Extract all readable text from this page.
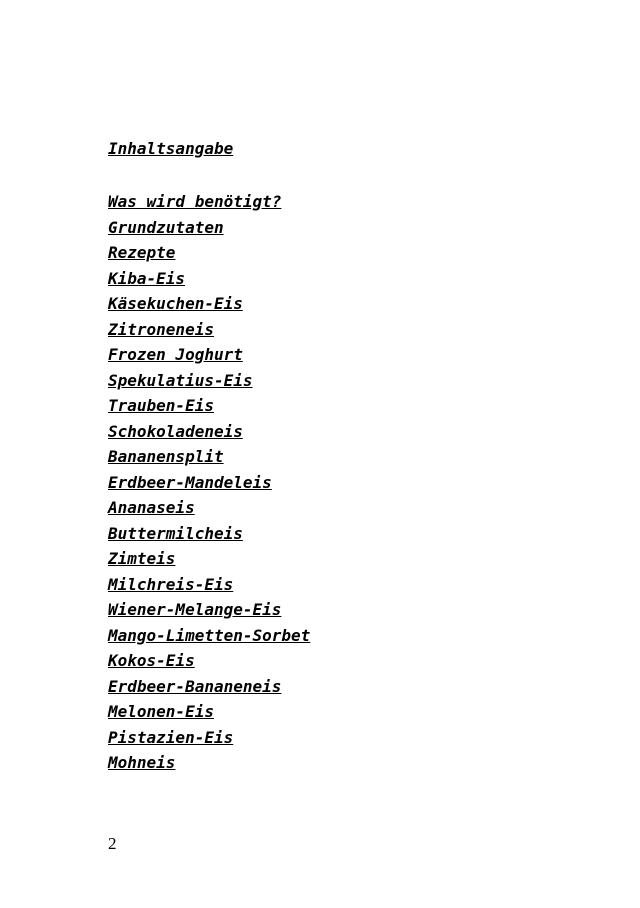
Inhaltsangabe

Was wird benötigt?
Grundzutaten
Rezepte
Kiba-Eis
Käsekuchen-Eis
Zitroneneis
Frozen Joghurt
Spekulatius-Eis
Trauben-Eis
Schokoladeneis
Bananensplit
Erdbeer-Mandeleis
Ananaseis
Buttermilcheis
Zimteis
Milchreis-Eis
Wiener-Melange-Eis
Mango-Limetten-Sorbet
Kokos-Eis
Erdbeer-Bananeneis
Melonen-Eis
Pistazien-Eis
Mohneis

2
